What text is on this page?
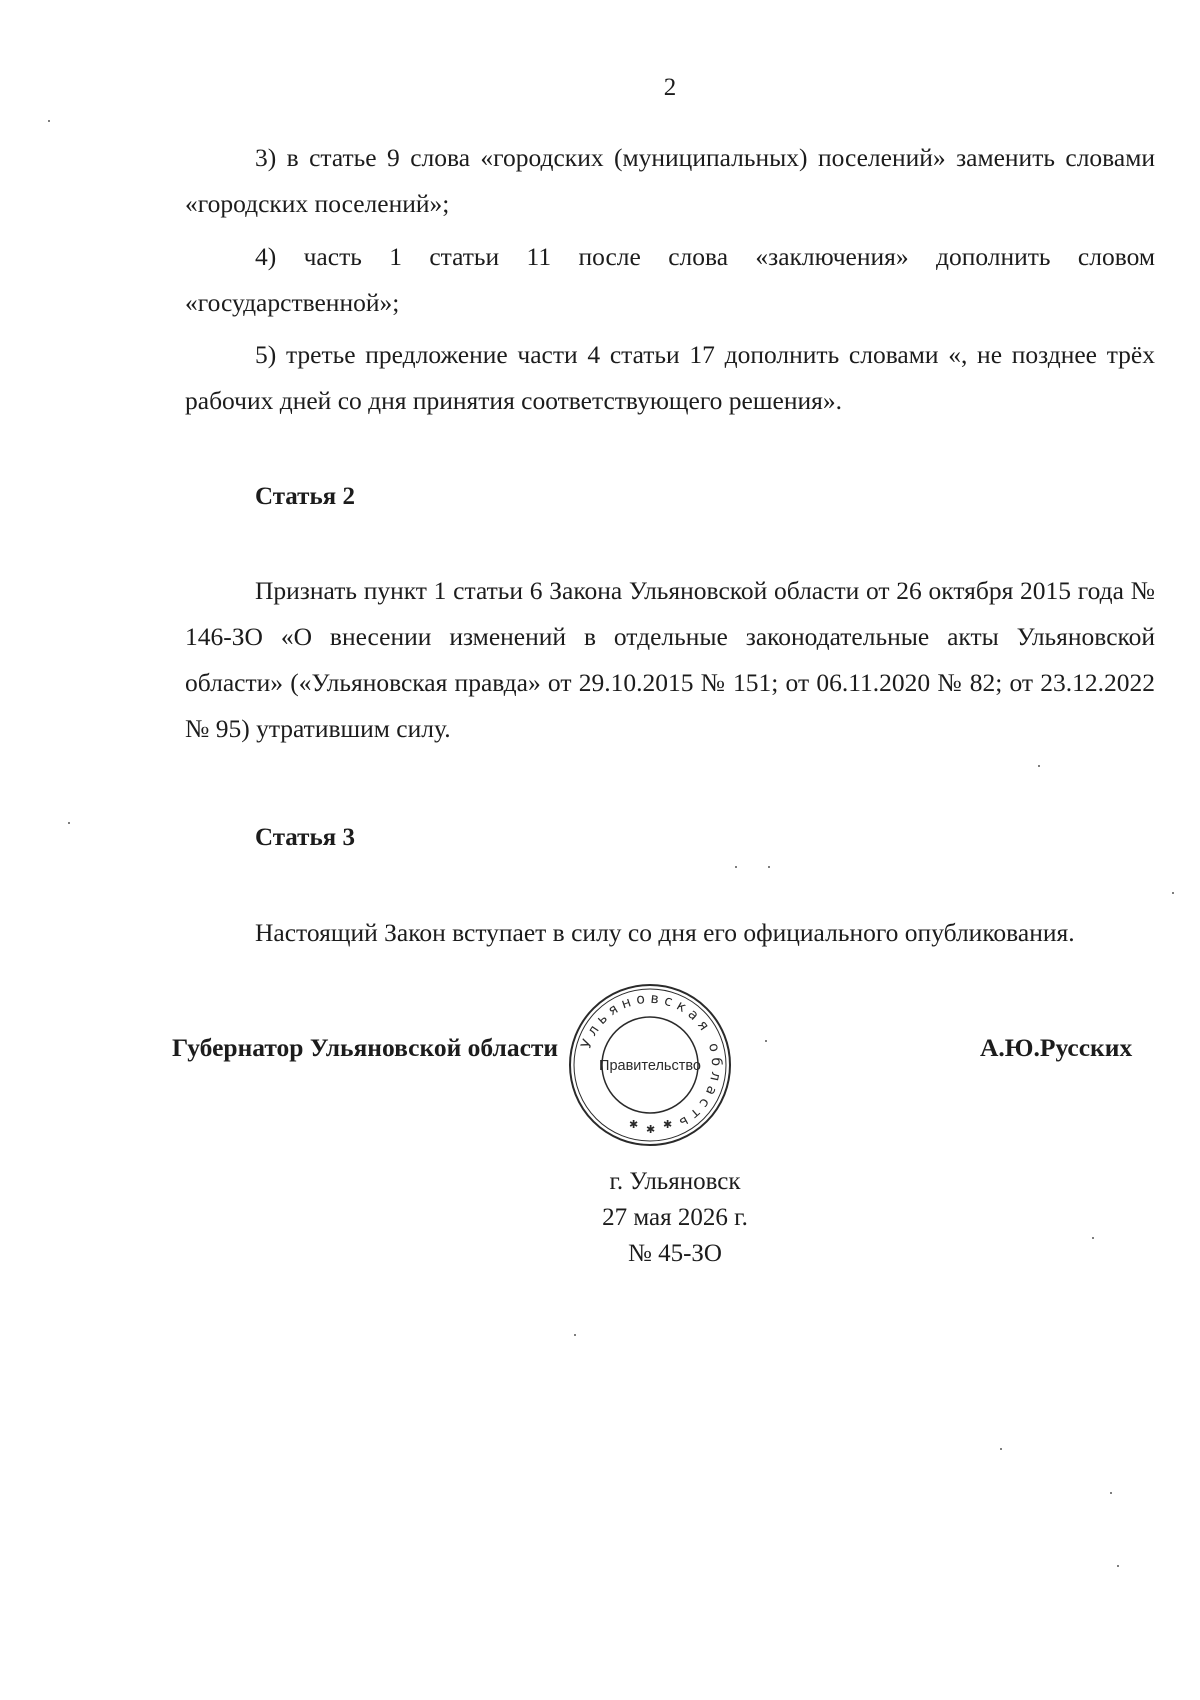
2

3) в статье 9 слова «городских (муниципальных) поселений» заменить словами «городских поселений»;

4) часть 1 статьи 11 после слова «заключения» дополнить словом «государственной»;

5) третье предложение части 4 статьи 17 дополнить словами «, не позднее трёх рабочих дней со дня принятия соответствующего решения».

Статья 2

Признать пункт 1 статьи 6 Закона Ульяновской области от 26 октября 2015 года № 146-ЗО «О внесении изменений в отдельные законодательные акты Ульяновской области» («Ульяновская правда» от 29.10.2015 № 151; от 06.11.2020 № 82; от 23.12.2022 № 95) утратившим силу.

Статья 3

Настоящий Закон вступает в силу со дня его официального опубликования.

Губернатор Ульяновской области	А.Ю.Русских
Ульяновская область
Правительство
✱ ✱ ✱
г. Ульяновск
27 мая 2026 г.
№ 45-ЗО
